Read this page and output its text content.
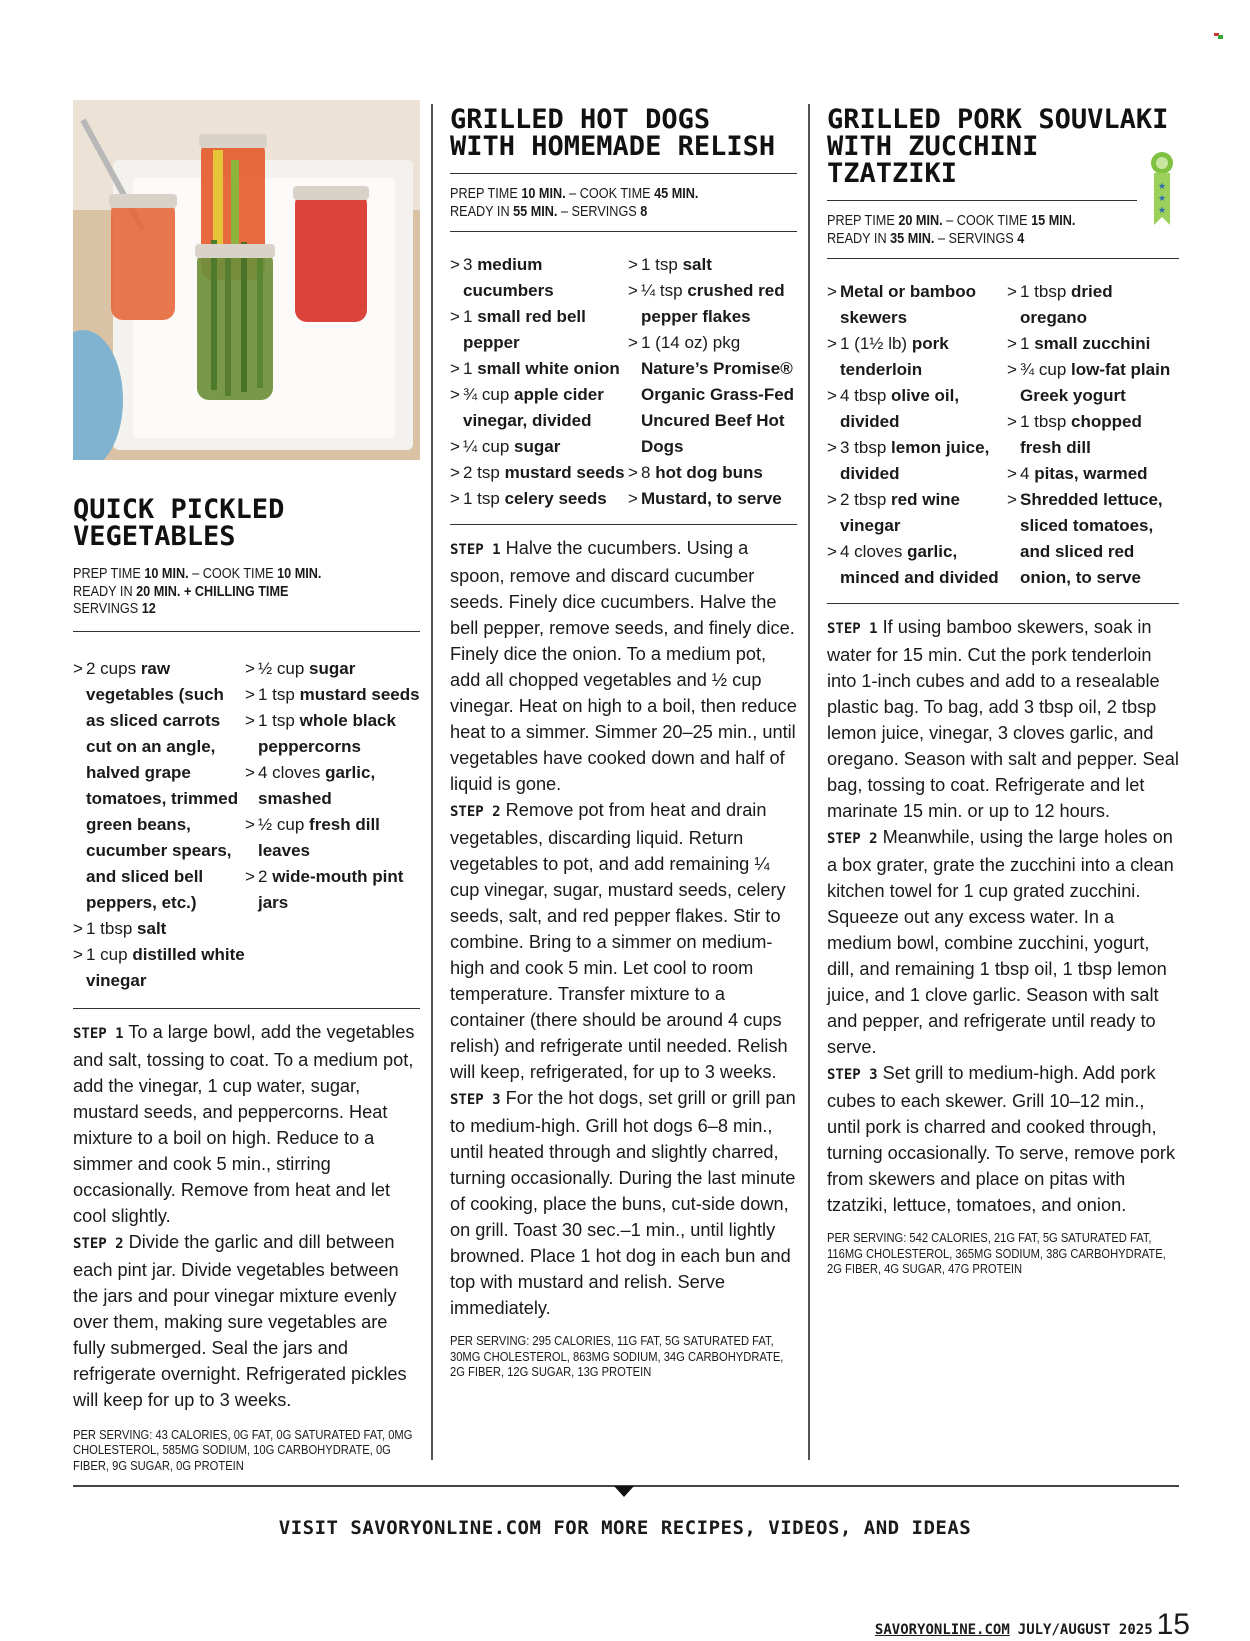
QUICK PICKLED
VEGETABLES
PREP TIME 10 MIN. – COOK TIME 10 MIN.
READY IN 20 MIN. + CHILLING TIME
SERVINGS 12
> 2 cups raw vegetables (such as sliced carrots cut on an angle, halved grape tomatoes, trimmed green beans, cucumber spears, and sliced bell peppers, etc.)
> 1 tbsp salt
> 1 cup distilled white vinegar
> ½ cup sugar
> 1 tsp mustard seeds
> 1 tsp whole black peppercorns
> 4 cloves garlic, smashed
> ½ cup fresh dill leaves
> 2 wide-mouth pint jars
STEP 1 To a large bowl, add the vegetables and salt, tossing to coat. To a medium pot, add the vinegar, 1 cup water, sugar, mustard seeds, and peppercorns. Heat mixture to a boil on high. Reduce to a simmer and cook 5 min., stirring occasionally. Remove from heat and let cool slightly.
STEP 2 Divide the garlic and dill between each pint jar. Divide vegetables between the jars and pour vinegar mixture evenly over them, making sure vegetables are fully submerged. Seal the jars and refrigerate overnight. Refrigerated pickles will keep for up to 3 weeks.
PER SERVING: 43 CALORIES, 0G FAT, 0G SATURATED FAT, 0MG CHOLESTEROL, 585MG SODIUM, 10G CARBOHYDRATE, 0G FIBER, 9G SUGAR, 0G PROTEIN
GRILLED HOT DOGS
WITH HOMEMADE RELISH
PREP TIME 10 MIN. – COOK TIME 45 MIN.
READY IN 55 MIN. – SERVINGS 8
> 3 medium cucumbers
> 1 small red bell pepper
> 1 small white onion
> ¾ cup apple cider vinegar, divided
> ¼ cup sugar
> 2 tsp mustard seeds
> 1 tsp celery seeds
> 1 tsp salt
> ¼ tsp crushed red pepper flakes
> 1 (14 oz) pkg Nature’s Promise® Organic Grass-Fed Uncured Beef Hot Dogs
> 8 hot dog buns
> Mustard, to serve
STEP 1 Halve the cucumbers. Using a spoon, remove and discard cucumber seeds. Finely dice cucumbers. Halve the bell pepper, remove seeds, and finely dice. Finely dice the onion. To a medium pot, add all chopped vegetables and ½ cup vinegar. Heat on high to a boil, then reduce heat to a simmer. Simmer 20–25 min., until vegetables have cooked down and half of liquid is gone.
STEP 2 Remove pot from heat and drain vegetables, discarding liquid. Return vegetables to pot, and add remaining ¼ cup vinegar, sugar, mustard seeds, celery seeds, salt, and red pepper flakes. Stir to combine. Bring to a simmer on medium-high and cook 5 min. Let cool to room temperature. Transfer mixture to a container (there should be around 4 cups relish) and refrigerate until needed. Relish will keep, refrigerated, for up to 3 weeks.
STEP 3 For the hot dogs, set grill or grill pan to medium-high. Grill hot dogs 6–8 min., until heated through and slightly charred, turning occasionally. During the last minute of cooking, place the buns, cut-side down, on grill. Toast 30 sec.–1 min., until lightly browned. Place 1 hot dog in each bun and top with mustard and relish. Serve immediately.
PER SERVING: 295 CALORIES, 11G FAT, 5G SATURATED FAT, 30MG CHOLESTEROL, 863MG SODIUM, 34G CARBOHYDRATE, 2G FIBER, 12G SUGAR, 13G PROTEIN
GRILLED PORK SOUVLAKI
WITH ZUCCHINI TZATZIKI
PREP TIME 20 MIN. – COOK TIME 15 MIN.
READY IN 35 MIN. – SERVINGS 4
> Metal or bamboo skewers
> 1 (1½ lb) pork tenderloin
> 4 tbsp olive oil, divided
> 3 tbsp lemon juice, divided
> 2 tbsp red wine vinegar
> 4 cloves garlic, minced and divided
> 1 tbsp dried oregano
> 1 small zucchini
> ¾ cup low-fat plain Greek yogurt
> 1 tbsp chopped fresh dill
> 4 pitas, warmed
> Shredded lettuce, sliced tomatoes, and sliced red onion, to serve
STEP 1 If using bamboo skewers, soak in water for 15 min. Cut the pork tenderloin into 1-inch cubes and add to a resealable plastic bag. To bag, add 3 tbsp oil, 2 tbsp lemon juice, vinegar, 3 cloves garlic, and oregano. Season with salt and pepper. Seal bag, tossing to coat. Refrigerate and let marinate 15 min. or up to 12 hours.
STEP 2 Meanwhile, using the large holes on a box grater, grate the zucchini into a clean kitchen towel for 1 cup grated zucchini. Squeeze out any excess water. In a medium bowl, combine zucchini, yogurt, dill, and remaining 1 tbsp oil, 1 tbsp lemon juice, and 1 clove garlic. Season with salt and pepper, and refrigerate until ready to serve.
STEP 3 Set grill to medium-high. Add pork cubes to each skewer. Grill 10–12 min., until pork is charred and cooked through, turning occasionally. To serve, remove pork from skewers and place on pitas with tzatziki, lettuce, tomatoes, and onion.
PER SERVING: 542 CALORIES, 21G FAT, 5G SATURATED FAT, 116MG CHOLESTEROL, 365MG SODIUM, 38G CARBOHYDRATE, 2G FIBER, 4G SUGAR, 47G PROTEIN
★
★
★
VISIT SAVORYONLINE.COM FOR MORE RECIPES, VIDEOS, AND IDEAS
SAVORYONLINE.COM JULY/AUGUST 2025 15
